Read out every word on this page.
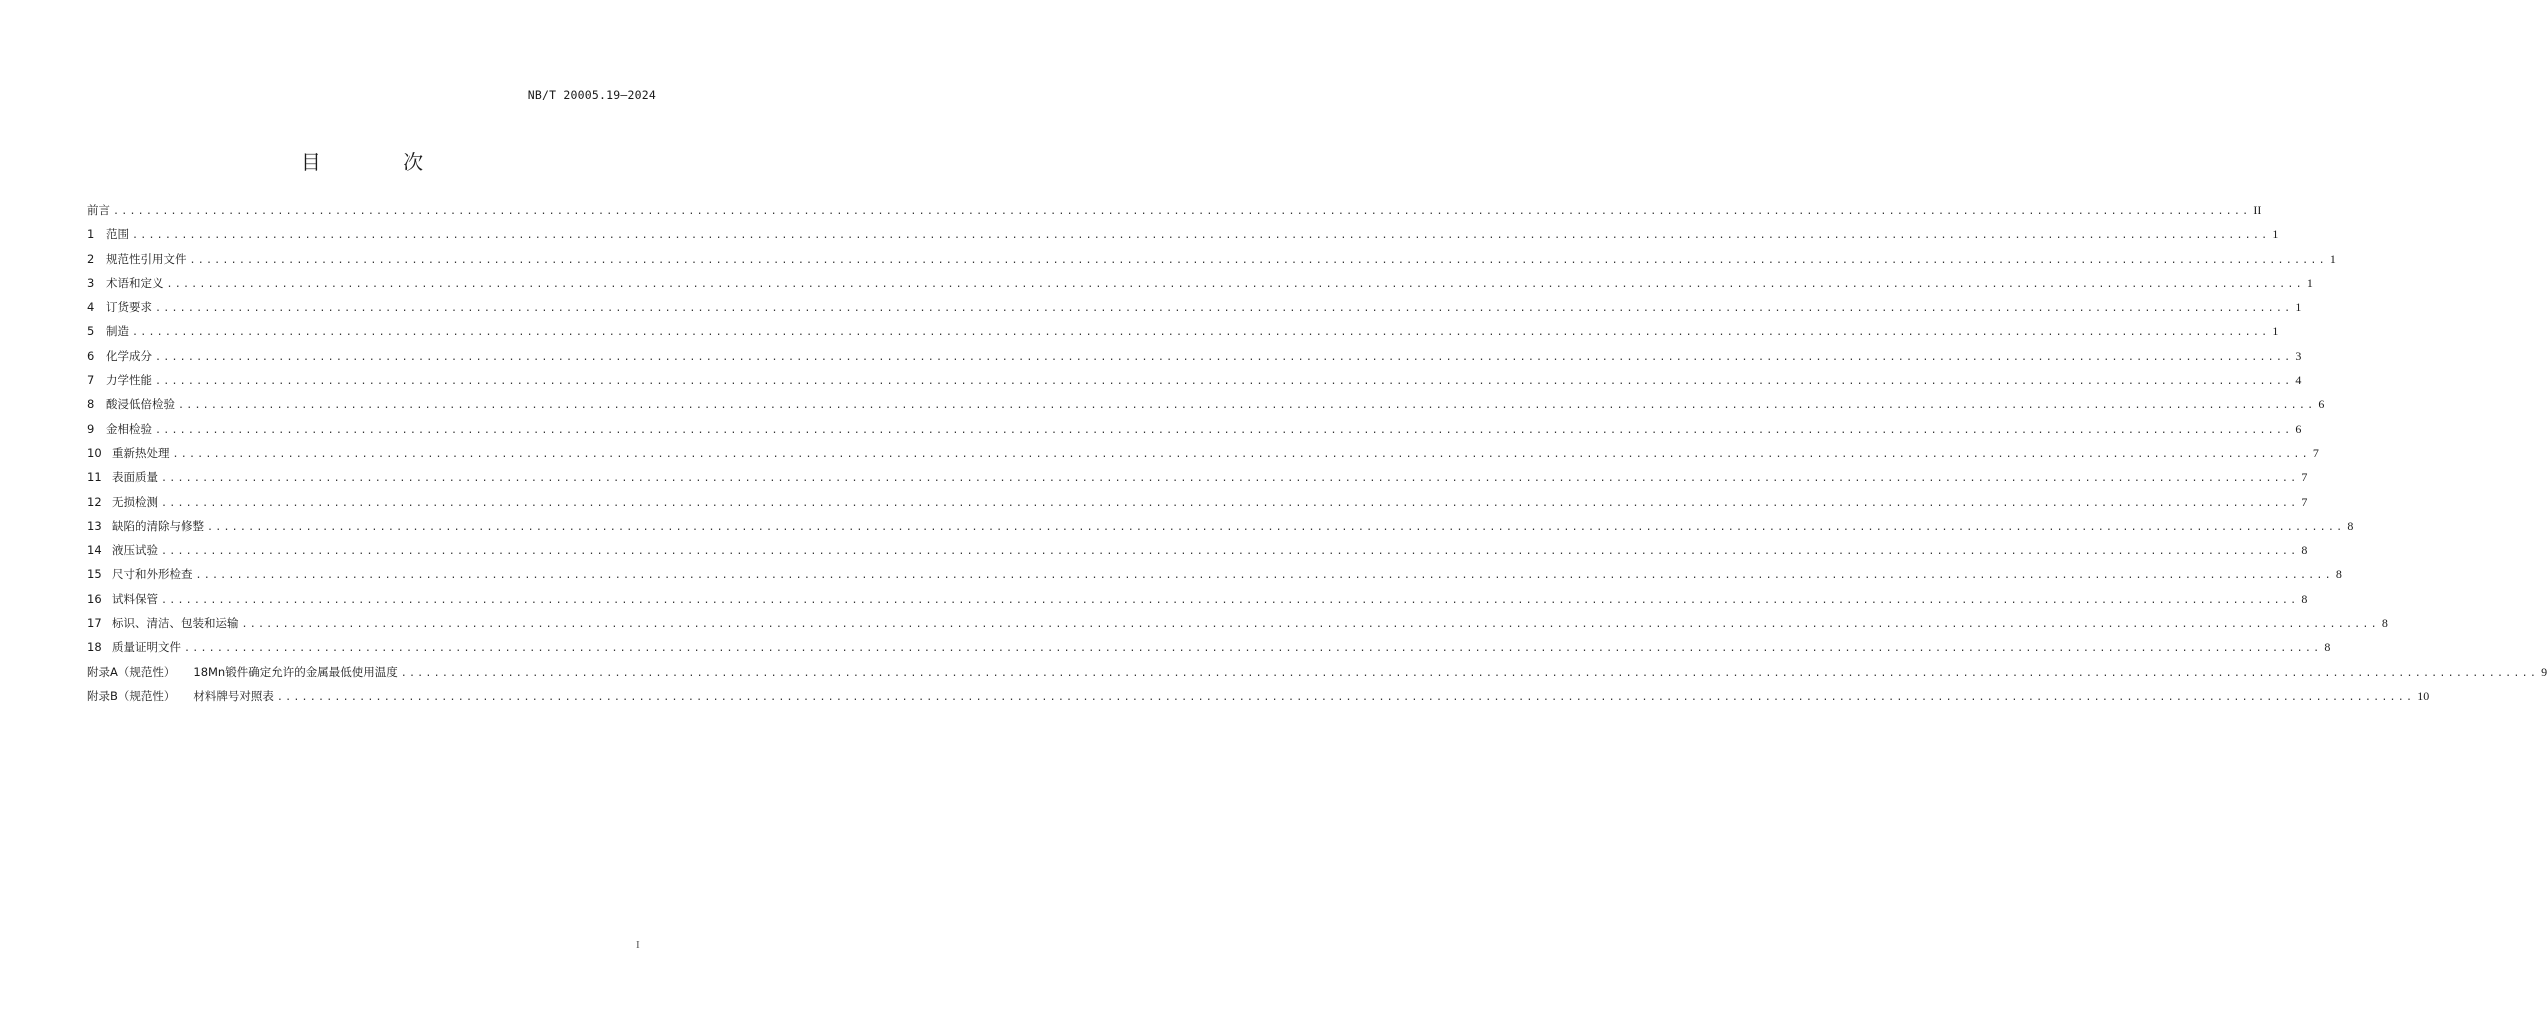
NB/T 20005.19—2024
目 次
前言 .................................................................................................................................................................................................................................................................... II
1	范围 .................................................................................................................................................................................................................................................................... 1
2	规范性引用文件 .................................................................................................................................................................................................................................................................... 1
3	术语和定义 .................................................................................................................................................................................................................................................................... 1
4	订货要求 .................................................................................................................................................................................................................................................................... 1
5	制造 .................................................................................................................................................................................................................................................................... 1
6	化学成分 .................................................................................................................................................................................................................................................................... 3
7	力学性能 .................................................................................................................................................................................................................................................................... 4
8	酸浸低倍检验 .................................................................................................................................................................................................................................................................... 6
9	金相检验 .................................................................................................................................................................................................................................................................... 6
10 重新热处理 .................................................................................................................................................................................................................................................................... 7
11 表面质量 .................................................................................................................................................................................................................................................................... 7
12 无损检测 .................................................................................................................................................................................................................................................................... 7
13 缺陷的清除与修整 .................................................................................................................................................................................................................................................................... 8
14 液压试验 .................................................................................................................................................................................................................................................................... 8
15 尺寸和外形检查 .................................................................................................................................................................................................................................................................... 8
16 试料保管 .................................................................................................................................................................................................................................................................... 8
17 标识、清洁、包装和运输 .................................................................................................................................................................................................................................................................... 8
18 质量证明文件 .................................................................................................................................................................................................................................................................... 8
附录A（规范性） 18Mn锻件确定允许的金属最低使用温度 .................................................................................................................................................................................................................................................................... 9
附录B（规范性） 材料牌号对照表 .................................................................................................................................................................................................................................................................... 10
I
